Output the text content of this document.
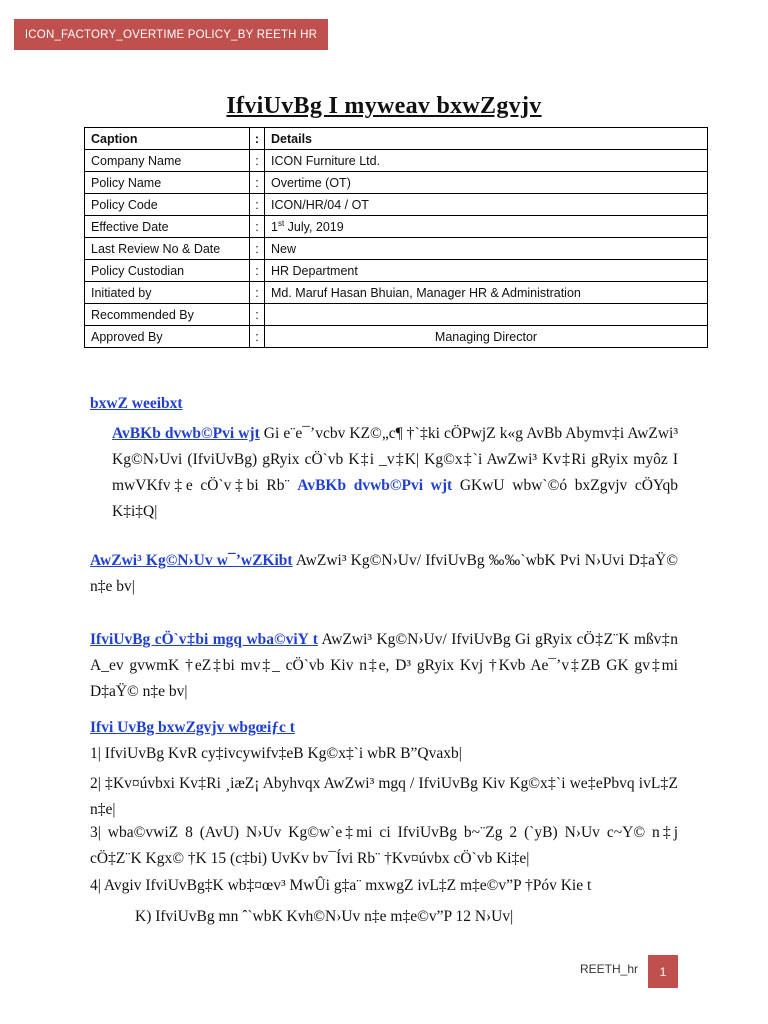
ICON_FACTORY_OVERTIME POLICY_BY REETH HR
IfviUvBg I myweav bxwZgvjv
Caption	:	Details
Company Name	:	ICON Furniture Ltd.
Policy Name	:	Overtime (OT)
Policy Code	:	ICON/HR/04 / OT
Effective Date	:	1st July, 2019
Last Review No & Date	:	New
Policy Custodian	:	HR Department
Initiated by	:	Md. Maruf Hasan Bhuian, Manager HR & Administration
Recommended By	:	
Approved By	:	Managing Director
bxwZ weeibxt
AvBKb dvwb©Pvi wjt Gi e¨e¯’vcbv KZ©„c¶ †`‡ki cÖPwjZ k«g AvBb Abymv‡i AwZwi³ Kg©N›Uvi (IfviUvBg) gRyix cÖ`vb K‡i _v‡K| Kg©x‡`i AwZwi³ Kv‡Ri gRyix myôz I mwVKfv‡e cÖ`v‡bi Rb¨ AvBKb dvwb©Pvi wjt GKwU wbw`©ó bxZgvjv cÖYqb K‡i‡Q|
AwZwi³ Kg©N›Uv w¯’wZKibt AwZwi³ Kg©N›Uv/ IfviUvBg ‰‰`wbK Pvi N›Uvi D‡aŸ© n‡e bv|
IfviUvBg cÖ`v‡bi mgq wba©viY t AwZwi³ Kg©N›Uv/ IfviUvBg Gi gRyix cÖ‡Z¨K mßv‡n A_ev gvwmK †eZ‡bi mv‡_ cÖ`vb Kiv n‡e, D³ gRyix Kvj †Kvb Ae¯’v‡ZB GK gv‡mi D‡aŸ© n‡e bv|
Ifvi UvBg bxwZgvjv wbgœiƒc t
1| IfviUvBg KvR cy‡ivcywifv‡eB Kg©x‡`i wbR B”Qvaxb|
2| ‡Kv¤úvbxi Kv‡Ri ¸iæZ¡ Abyhvqx AwZwi³ mgq / IfviUvBg Kiv Kg©x‡`i we‡ePbvq ivL‡Z n‡e|
3| wba©vwiZ 8 (AvU) N›Uv Kg©w`e‡mi ci IfviUvBg b~¨Zg 2 (`yB) N›Uv c~Y© n‡j cÖ‡Z¨K Kgx© †K 15 (c‡bi) UvKv bv¯Ívi Rb¨ †Kv¤úvbx cÖ`vb Ki‡e|
4| Avgiv IfviUvBg‡K wb‡¤œv³ MwÛi g‡a¨ mxwgZ ivL‡Z m‡e©v”P †Póv Kie t
K) IfviUvBg mn ˆ`wbK Kvh©N›Uv n‡e m‡e©v”P 12 N›Uv|
REETH_hr	1
